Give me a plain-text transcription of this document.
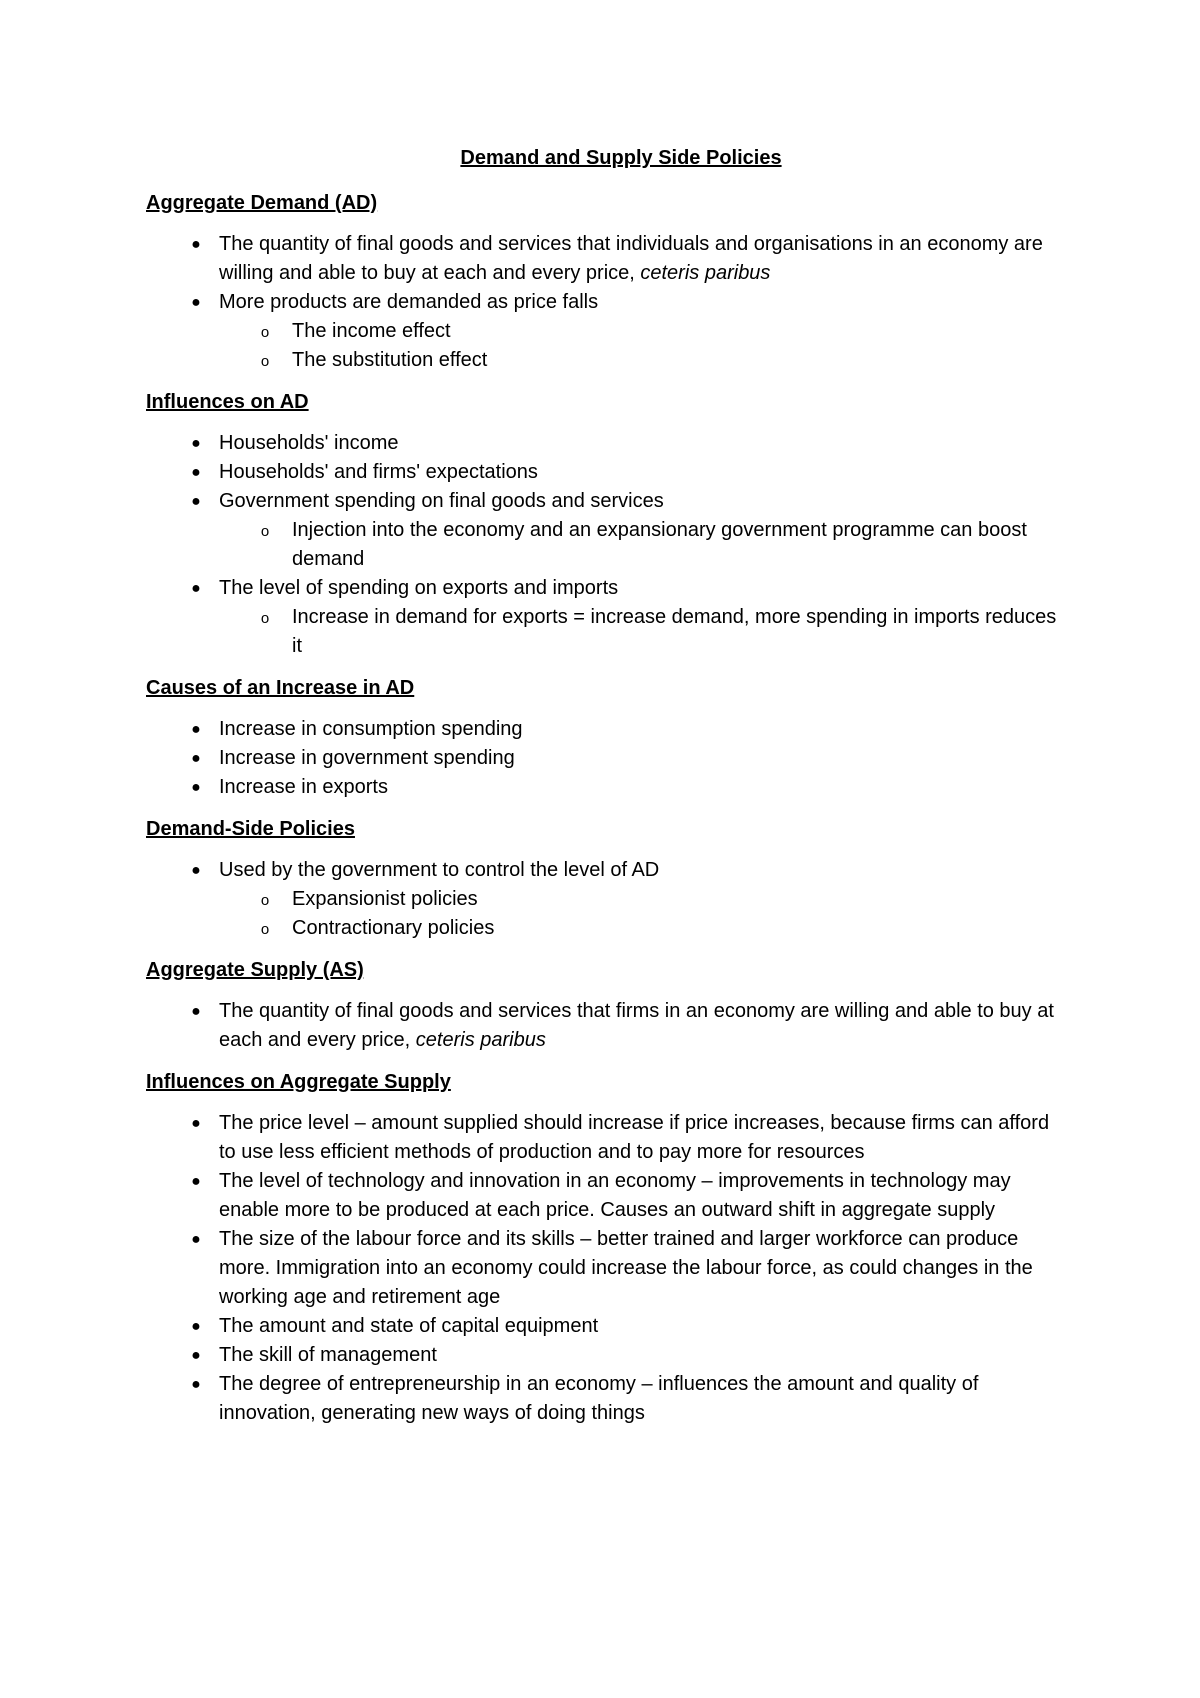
Demand and Supply Side Policies
Aggregate Demand (AD)
● The quantity of final goods and services that individuals and organisations in an economy are willing and able to buy at each and every price, ceteris paribus
● More products are demanded as price falls
o The income effect
o The substitution effect
Influences on AD
● Households' income
● Households' and firms' expectations
● Government spending on final goods and services
o Injection into the economy and an expansionary government programme can boost demand
● The level of spending on exports and imports
o Increase in demand for exports = increase demand, more spending in imports reduces it
Causes of an Increase in AD
● Increase in consumption spending
● Increase in government spending
● Increase in exports
Demand-Side Policies
● Used by the government to control the level of AD
o Expansionist policies
o Contractionary policies
Aggregate Supply (AS)
● The quantity of final goods and services that firms in an economy are willing and able to buy at each and every price, ceteris paribus
Influences on Aggregate Supply
● The price level – amount supplied should increase if price increases, because firms can afford to use less efficient methods of production and to pay more for resources
● The level of technology and innovation in an economy – improvements in technology may enable more to be produced at each price. Causes an outward shift in aggregate supply
● The size of the labour force and its skills – better trained and larger workforce can produce more. Immigration into an economy could increase the labour force, as could changes in the working age and retirement age
● The amount and state of capital equipment
● The skill of management
● The degree of entrepreneurship in an economy – influences the amount and quality of innovation, generating new ways of doing things
